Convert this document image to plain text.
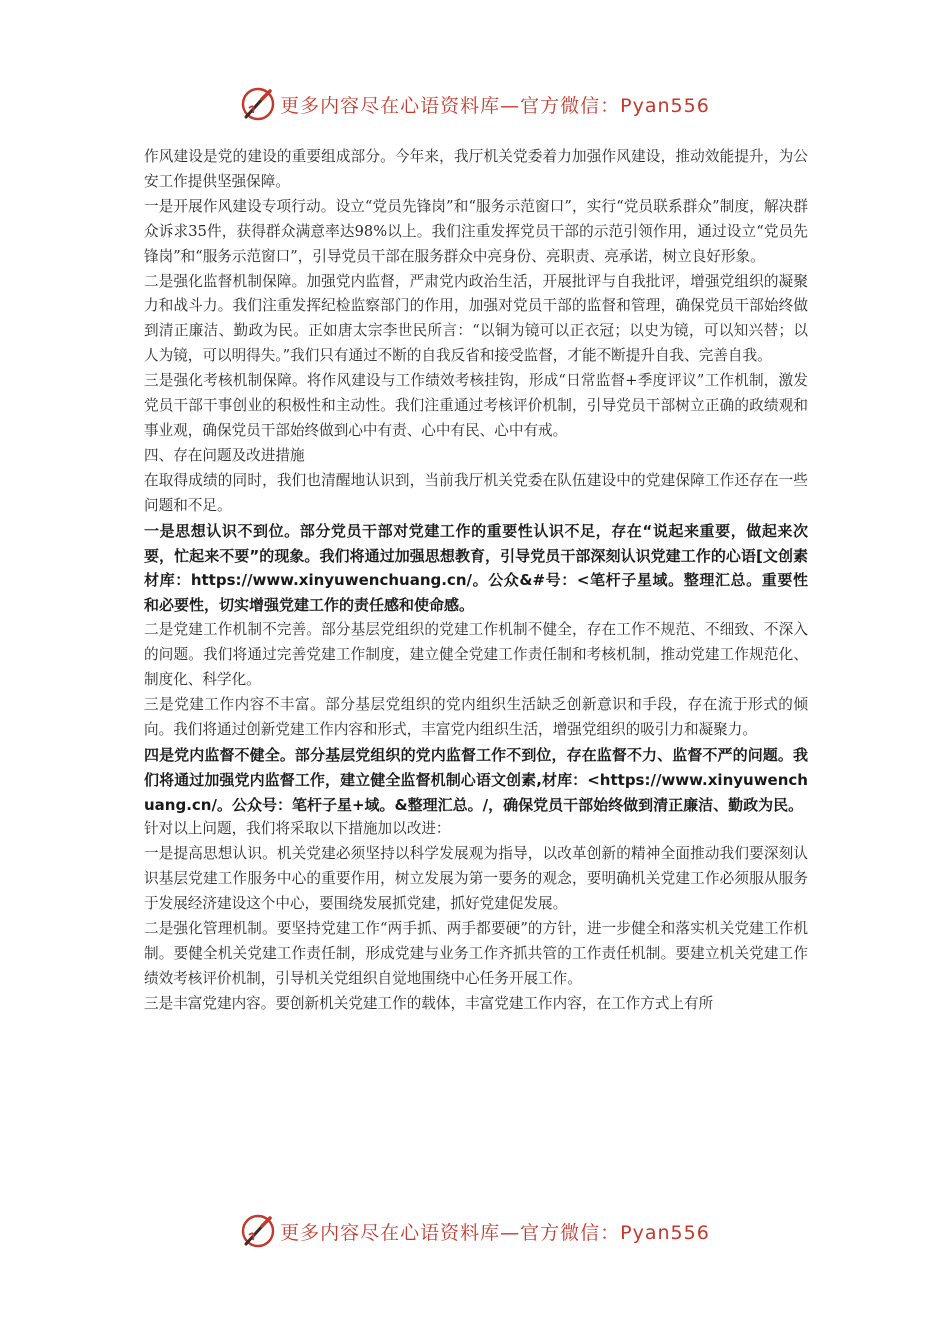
更多内容尽在心语资料库—官方微信：Pyan556

作风建设是党的建设的重要组成部分。今年来，我厅机关党委着力加强作风建设，推动效能提升，为公安工作提供坚强保障。

一是开展作风建设专项行动。设立“党员先锋岗”和“服务示范窗口”，实行“党员联系群众”制度，解决群众诉求35件，获得群众满意率达98%以上。我们注重发挥党员干部的示范引领作用，通过设立“党员先锋岗”和“服务示范窗口”，引导党员干部在服务群众中亮身份、亮职责、亮承诺，树立良好形象。

二是强化监督机制保障。加强党内监督，严肃党内政治生活，开展批评与自我批评，增强党组织的凝聚力和战斗力。我们注重发挥纪检监察部门的作用，加强对党员干部的监督和管理，确保党员干部始终做到清正廉洁、勤政为民。正如唐太宗李世民所言：“以铜为镜可以正衣冠；以史为镜，可以知兴替；以人为镜，可以明得失。”我们只有通过不断的自我反省和接受监督，才能不断提升自我、完善自我。

三是强化考核机制保障。将作风建设与工作绩效考核挂钩，形成“日常监督+季度评议”工作机制，激发党员干部干事创业的积极性和主动性。我们注重通过考核评价机制，引导党员干部树立正确的政绩观和事业观，确保党员干部始终做到心中有责、心中有民、心中有戒。

四、存在问题及改进措施

在取得成绩的同时，我们也清醒地认识到，当前我厅机关党委在队伍建设中的党建保障工作还存在一些问题和不足。

一是思想认识不到位。部分党员干部对党建工作的重要性认识不足，存在“说起来重要，做起来次要，忙起来不要”的现象。我们将通过加强思想教育，引导党员干部深刻认识党建工作的心语[文创素材库：https://www.xinyuwenchuang.cn/。公众&#号：<笔杆子星域。整理汇总。重要性和必要性，切实增强党建工作的责任感和使命感。

二是党建工作机制不完善。部分基层党组织的党建工作机制不健全，存在工作不规范、不细致、不深入的问题。我们将通过完善党建工作制度，建立健全党建工作责任制和考核机制，推动党建工作规范化、制度化、科学化。

三是党建工作内容不丰富。部分基层党组织的党内组织生活缺乏创新意识和手段，存在流于形式的倾向。我们将通过创新党建工作内容和形式，丰富党内组织生活，增强党组织的吸引力和凝聚力。

四是党内监督不健全。部分基层党组织的党内监督工作不到位，存在监督不力、监督不严的问题。我们将通过加强党内监督工作，建立健全监督机制心语文创素,材库：<https://www.xinyuwenchuang.cn/。公众号：笔杆子星+域。&整理汇总。/，确保党员干部始终做到清正廉洁、勤政为民。

针对以上问题，我们将采取以下措施加以改进：

一是提高思想认识。机关党建必须坚持以科学发展观为指导，以改革创新的精神全面推动我们要深刻认识基层党建工作服务中心的重要作用，树立发展为第一要务的观念，要明确机关党建工作必须服从服务于发展经济建设这个中心，要围绕发展抓党建，抓好党建促发展。

二是强化管理机制。要坚持党建工作“两手抓、两手都要硬”的方针，进一步健全和落实机关党建工作机制。要健全机关党建工作责任制，形成党建与业务工作齐抓共管的工作责任机制。要建立机关党建工作绩效考核评价机制，引导机关党组织自觉地围绕中心任务开展工作。

三是丰富党建内容。要创新机关党建工作的载体，丰富党建工作内容，在工作方式上有所

更多内容尽在心语资料库—官方微信：Pyan556
